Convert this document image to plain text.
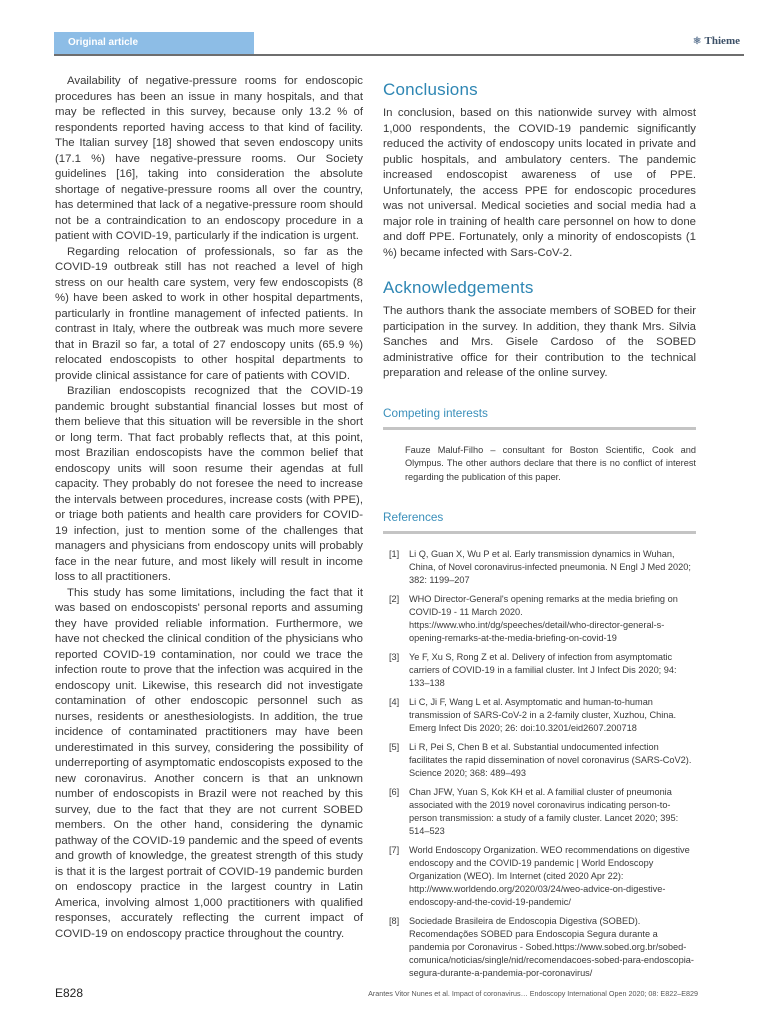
Original article	⚛ Thieme

Availability of negative-pressure rooms for endoscopic procedures has been an issue in many hospitals, and that may be reflected in this survey, because only 13.2 % of respondents reported having access to that kind of facility. The Italian survey [18] showed that seven endoscopy units (17.1 %) have negative-pressure rooms. Our Society guidelines [16], taking into consideration the absolute shortage of negative-pressure rooms all over the country, has determined that lack of a negative-pressure room should not be a contraindication to an endoscopy procedure in a patient with COVID-19, particularly if the indication is urgent.

Regarding relocation of professionals, so far as the COVID-19 outbreak still has not reached a level of high stress on our health care system, very few endoscopists (8 %) have been asked to work in other hospital departments, particularly in frontline management of infected patients. In contrast in Italy, where the outbreak was much more severe that in Brazil so far, a total of 27 endoscopy units (65.9 %) relocated endoscopists to other hospital departments to provide clinical assistance for care of patients with COVID.

Brazilian endoscopists recognized that the COVID-19 pandemic brought substantial financial losses but most of them believe that this situation will be reversible in the short or long term. That fact probably reflects that, at this point, most Brazilian endoscopists have the common belief that endoscopy units will soon resume their agendas at full capacity. They probably do not foresee the need to increase the intervals between procedures, increase costs (with PPE), or triage both patients and health care providers for COVID-19 infection, just to mention some of the challenges that managers and physicians from endoscopy units will probably face in the near future, and most likely will result in income loss to all practitioners.

This study has some limitations, including the fact that it was based on endoscopists' personal reports and assuming they have provided reliable information. Furthermore, we have not checked the clinical condition of the physicians who reported COVID-19 contamination, nor could we trace the infection route to prove that the infection was acquired in the endoscopy unit. Likewise, this research did not investigate contamination of other endoscopic personnel such as nurses, residents or anesthesiologists. In addition, the true incidence of contaminated practitioners may have been underestimated in this survey, considering the possibility of underreporting of asymptomatic endoscopists exposed to the new coronavirus. Another concern is that an unknown number of endoscopists in Brazil were not reached by this survey, due to the fact that they are not current SOBED members. On the other hand, considering the dynamic pathway of the COVID-19 pandemic and the speed of events and growth of knowledge, the greatest strength of this study is that it is the largest portrait of COVID-19 pandemic burden on endoscopy practice in the largest country in Latin America, involving almost 1,000 practitioners with qualified responses, accurately reflecting the current impact of COVID-19 on endoscopy practice throughout the country.

Conclusions

In conclusion, based on this nationwide survey with almost 1,000 respondents, the COVID-19 pandemic significantly reduced the activity of endoscopy units located in private and public hospitals, and ambulatory centers. The pandemic increased endoscopist awareness of use of PPE. Unfortunately, the access PPE for endoscopic procedures was not universal. Medical societies and social media had a major role in training of health care personnel on how to done and doff PPE. Fortunately, only a minority of endoscopists (1 %) became infected with Sars-CoV-2.

Acknowledgements

The authors thank the associate members of SOBED for their participation in the survey. In addition, they thank Mrs. Silvia Sanches and Mrs. Gisele Cardoso of the SOBED administrative office for their contribution to the technical preparation and release of the online survey.

Competing interests

Fauze Maluf-Filho – consultant for Boston Scientific, Cook and Olympus. The other authors declare that there is no conflict of interest regarding the publication of this paper.

References
[1]	Li Q, Guan X, Wu P et al. Early transmission dynamics in Wuhan, China, of Novel coronavirus-infected pneumonia. N Engl J Med 2020; 382: 1199–207
[2]	WHO Director-General's opening remarks at the media briefing on COVID-19 - 11 March 2020. https://www.who.int/dg/speeches/detail/who-director-general-s-opening-remarks-at-the-media-briefing-on-covid-19
[3]	Ye F, Xu S, Rong Z et al. Delivery of infection from asymptomatic carriers of COVID-19 in a familial cluster. Int J Infect Dis 2020; 94: 133–138
[4]	Li C, Ji F, Wang L et al. Asymptomatic and human-to-human transmission of SARS-CoV-2 in a 2-family cluster, Xuzhou, China. Emerg Infect Dis 2020; 26: doi:10.3201/eid2607.200718
[5]	Li R, Pei S, Chen B et al. Substantial undocumented infection facilitates the rapid dissemination of novel coronavirus (SARS-CoV2). Science 2020; 368: 489–493
[6]	Chan JFW, Yuan S, Kok KH et al. A familial cluster of pneumonia associated with the 2019 novel coronavirus indicating person-to-person transmission: a study of a family cluster. Lancet 2020; 395: 514–523
[7]	World Endoscopy Organization. WEO recommendations on digestive endoscopy and the COVID-19 pandemic | World Endoscopy Organization (WEO). Im Internet (cited 2020 Apr 22): http://www.worldendo.org/2020/03/24/weo-advice-on-digestive-endoscopy-and-the-covid-19-pandemic/
[8]	Sociedade Brasileira de Endoscopia Digestiva (SOBED). Recomendações SOBED para Endoscopia Segura durante a pandemia por Coronavirus - Sobed.https://www.sobed.org.br/sobed-comunica/noticias/single/nid/recomendacoes-sobed-para-endoscopia-segura-durante-a-pandemia-por-coronavirus/
E828	Arantes Vitor Nunes et al. Impact of coronavirus… Endoscopy International Open 2020; 08: E822–E829
